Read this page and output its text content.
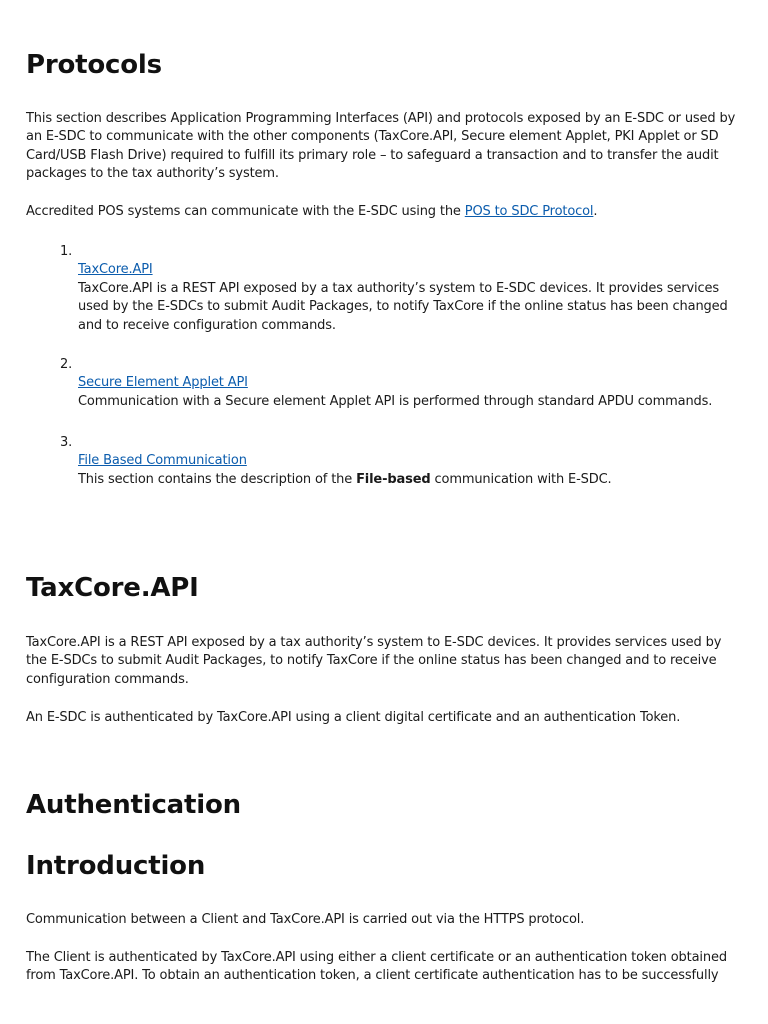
Protocols

This section describes Application Programming Interfaces (API) and protocols exposed by an E-SDC or used by an E-SDC to communicate with the other components (TaxCore.API, Secure element Applet, PKI Applet or SD Card/USB Flash Drive) required to fulfill its primary role – to safeguard a transaction and to transfer the audit packages to the tax authority’s system.

Accredited POS systems can communicate with the E-SDC using the POS to SDC Protocol.

1.
TaxCore.API
TaxCore.API is a REST API exposed by a tax authority’s system to E-SDC devices. It provides services used by the E-SDCs to submit Audit Packages, to notify TaxCore if the online status has been changed and to receive configuration commands.
2.
Secure Element Applet API
Communication with a Secure element Applet API is performed through standard APDU commands.
3.
File Based Communication
This section contains the description of the File-based communication with E-SDC.
TaxCore.API

TaxCore.API is a REST API exposed by a tax authority’s system to E-SDC devices. It provides services used by the E-SDCs to submit Audit Packages, to notify TaxCore if the online status has been changed and to receive configuration commands.

An E-SDC is authenticated by TaxCore.API using a client digital certificate and an authentication Token.

Authentication
Introduction

Communication between a Client and TaxCore.API is carried out via the HTTPS protocol.

The Client is authenticated by TaxCore.API using either a client certificate or an authentication token obtained from TaxCore.API. To obtain an authentication token, a client certificate authentication has to be successfully
